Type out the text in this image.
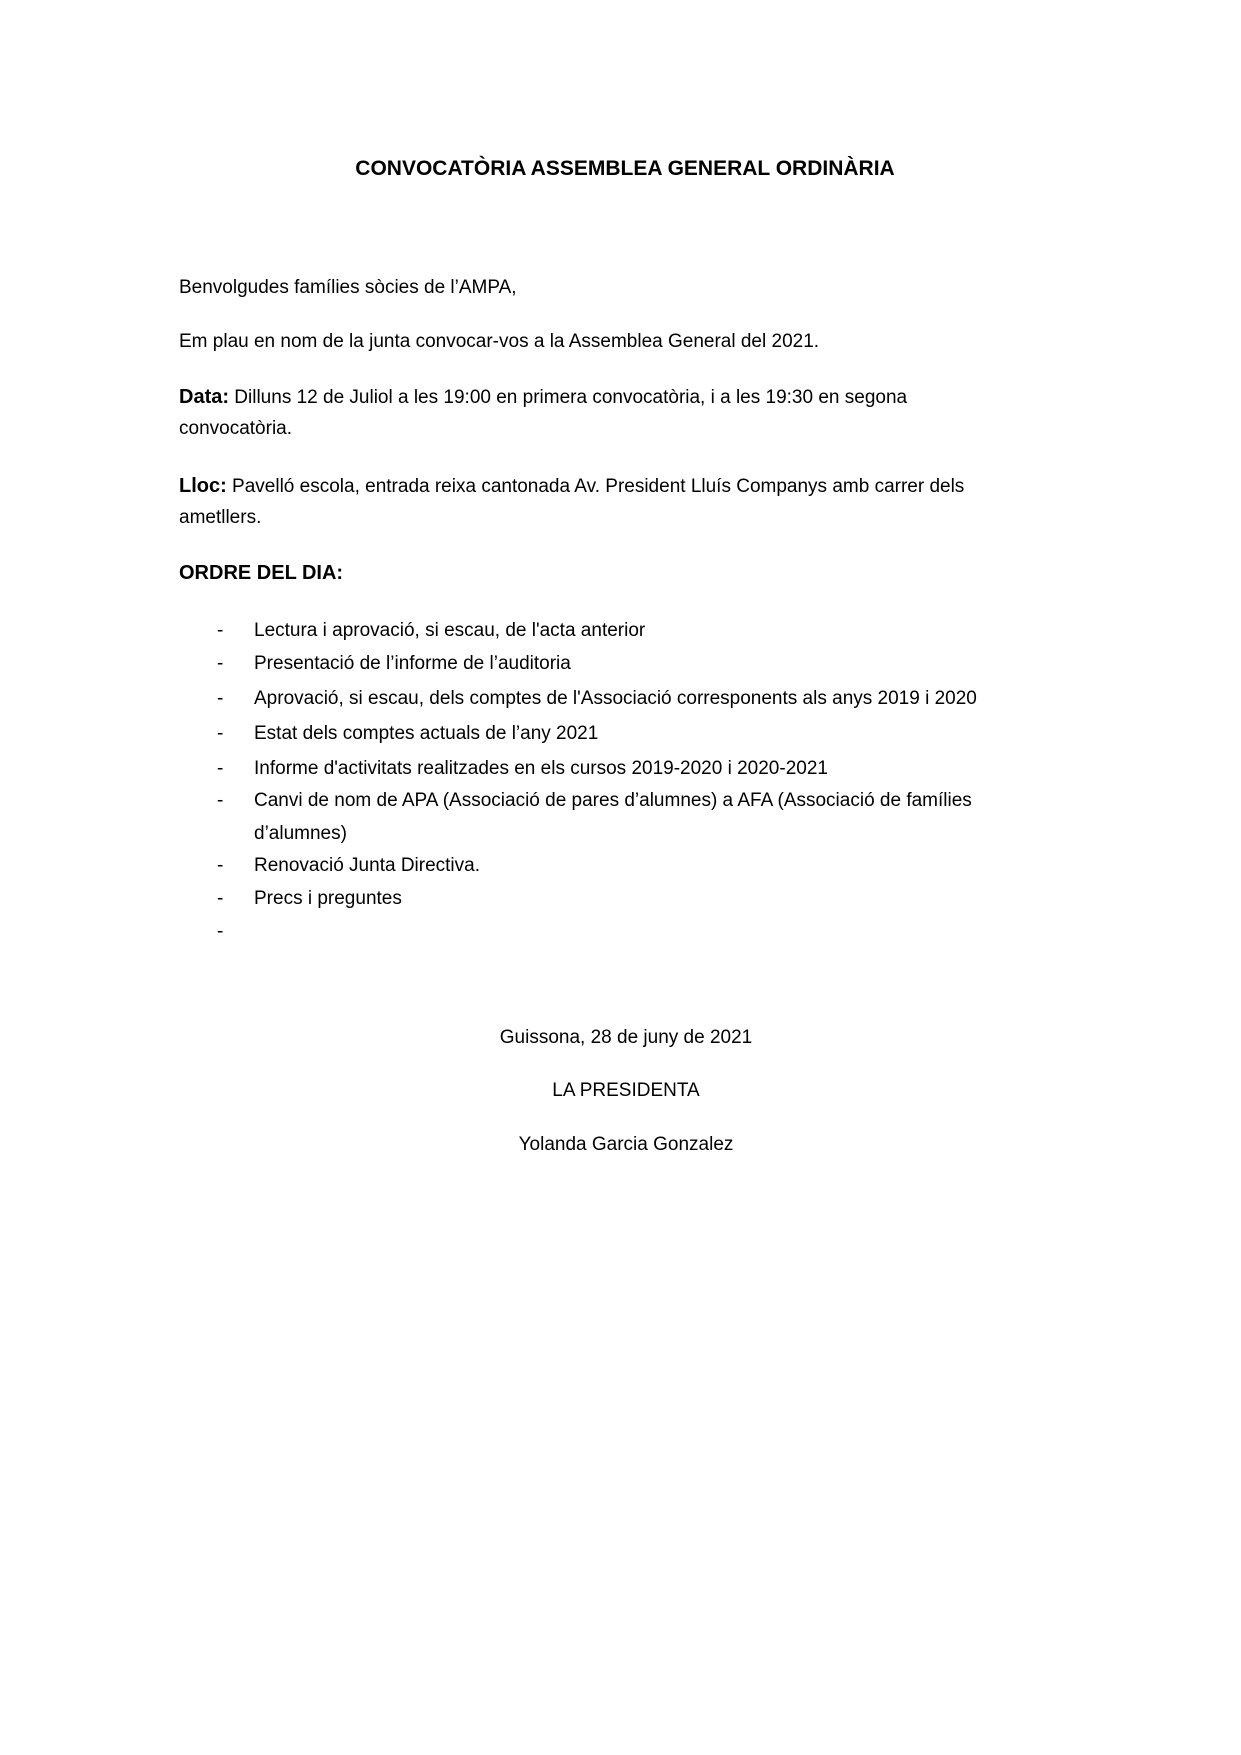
CONVOCATÒRIA ASSEMBLEA GENERAL ORDINÀRIA
Benvolgudes famílies sòcies de l’AMPA,
Em plau en nom de la junta convocar-vos a la Assemblea General del 2021.
Data: Dilluns 12 de Juliol a les 19:00 en primera convocatòria, i a les 19:30 en segona
convocatòria.
Lloc: Pavelló escola, entrada reixa cantonada Av. President Lluís Companys amb carrer dels
ametllers.
ORDRE DEL DIA:
- Lectura i aprovació, si escau, de l'acta anterior
- Presentació de l’informe de l’auditoria
- Aprovació, si escau, dels comptes de l'Associació corresponents als anys 2019 i 2020
- Estat dels comptes actuals de l’any 2021
- Informe d'activitats realitzades en els cursos 2019-2020 i 2020-2021
- Canvi de nom de APA (Associació de pares d’alumnes) a AFA (Associació de famílies
d’alumnes)
- Renovació Junta Directiva.
- Precs i preguntes
-
Guissona, 28 de juny de 2021
LA PRESIDENTA
Yolanda Garcia Gonzalez
